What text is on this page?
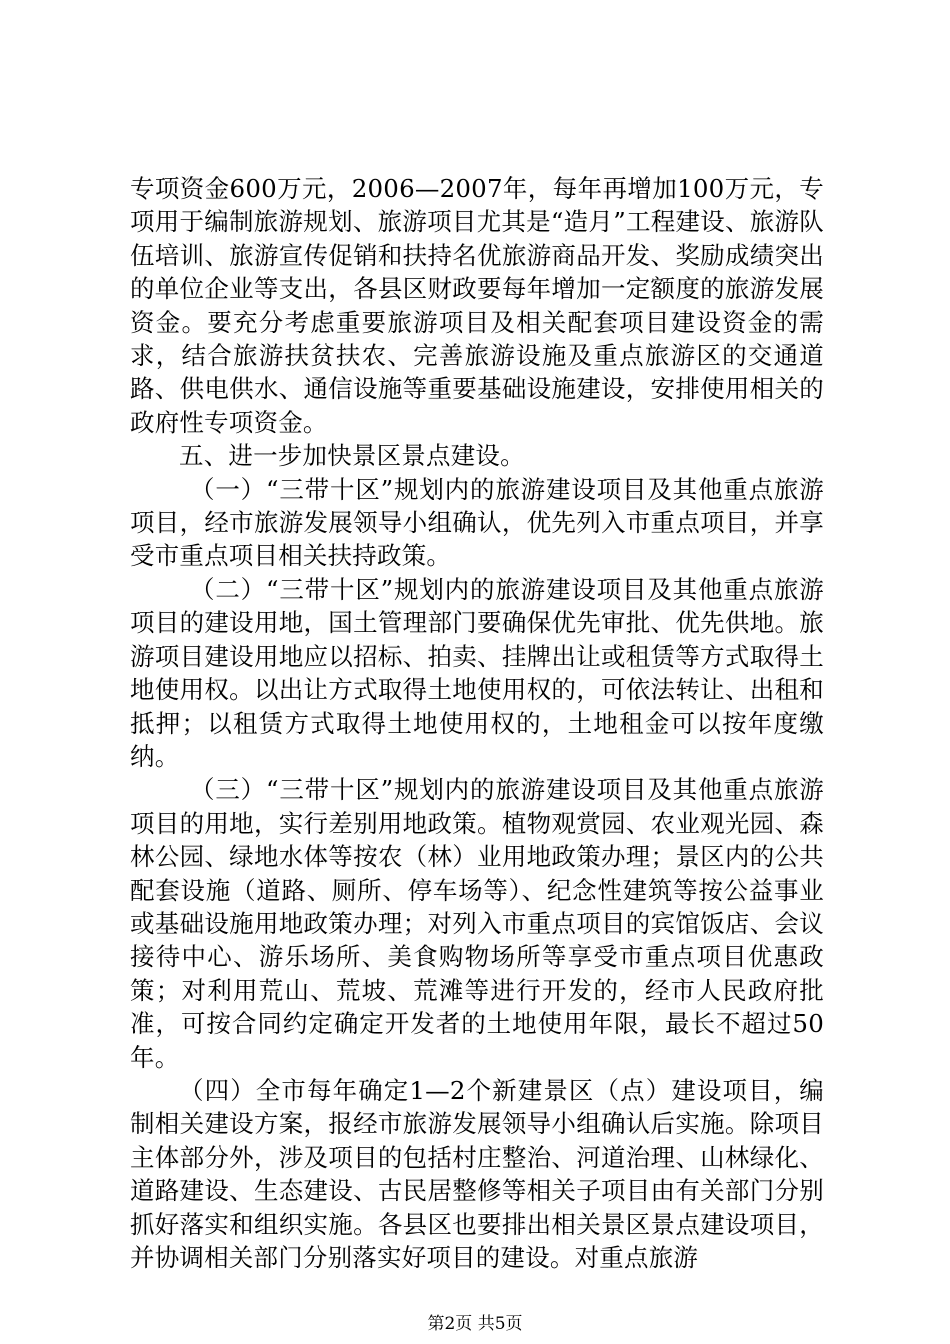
专项资金600万元，2006—2007年，每年再增加100万元，专项用于编制旅游规划、旅游项目尤其是“造月”工程建设、旅游队伍培训、旅游宣传促销和扶持名优旅游商品开发、奖励成绩突出的单位企业等支出，各县区财政要每年增加一定额度的旅游发展资金。要充分考虑重要旅游项目及相关配套项目建设资金的需求，结合旅游扶贫扶农、完善旅游设施及重点旅游区的交通道路、供电供水、通信设施等重要基础设施建设，安排使用相关的政府性专项资金。

五、进一步加快景区景点建设。

（一）“三带十区”规划内的旅游建设项目及其他重点旅游项目，经市旅游发展领导小组确认，优先列入市重点项目，并享受市重点项目相关扶持政策。

（二）“三带十区”规划内的旅游建设项目及其他重点旅游项目的建设用地，国土管理部门要确保优先审批、优先供地。旅游项目建设用地应以招标、拍卖、挂牌出让或租赁等方式取得土地使用权。以出让方式取得土地使用权的，可依法转让、出租和抵押；以租赁方式取得土地使用权的，土地租金可以按年度缴纳。

（三）“三带十区”规划内的旅游建设项目及其他重点旅游项目的用地，实行差别用地政策。植物观赏园、农业观光园、森林公园、绿地水体等按农（林）业用地政策办理；景区内的公共配套设施（道路、厕所、停车场等）、纪念性建筑等按公益事业或基础设施用地政策办理；对列入市重点项目的宾馆饭店、会议接待中心、游乐场所、美食购物场所等享受市重点项目优惠政策；对利用荒山、荒坡、荒滩等进行开发的，经市人民政府批准，可按合同约定确定开发者的土地使用年限，最长不超过50年。

（四）全市每年确定1—2个新建景区（点）建设项目，编制相关建设方案，报经市旅游发展领导小组确认后实施。除项目主体部分外，涉及项目的包括村庄整治、河道治理、山林绿化、道路建设、生态建设、古民居整修等相关子项目由有关部门分别抓好落实和组织实施。各县区也要排出相关景区景点建设项目，并协调相关部门分别落实好项目的建设。对重点旅游

第2页 共5页
